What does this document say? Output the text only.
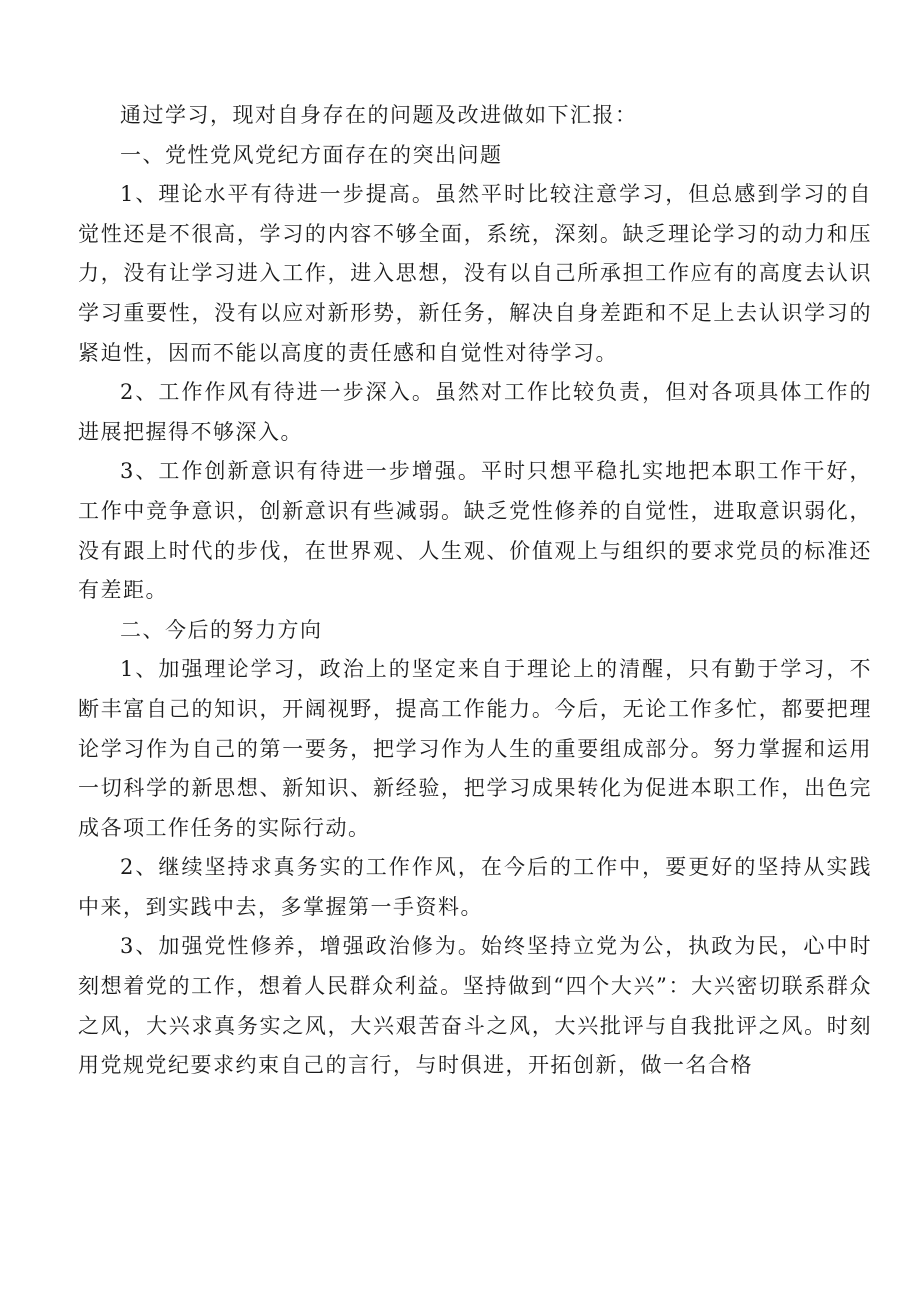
通过学习，现对自身存在的问题及改进做如下汇报：

一、党性党风党纪方面存在的突出问题

1、理论水平有待进一步提高。虽然平时比较注意学习，但总感到学习的自觉性还是不很高，学习的内容不够全面，系统，深刻。缺乏理论学习的动力和压力，没有让学习进入工作，进入思想，没有以自己所承担工作应有的高度去认识学习重要性，没有以应对新形势，新任务，解决自身差距和不足上去认识学习的紧迫性，因而不能以高度的责任感和自觉性对待学习。

2、工作作风有待进一步深入。虽然对工作比较负责，但对各项具体工作的进展把握得不够深入。

3、工作创新意识有待进一步增强。平时只想平稳扎实地把本职工作干好，工作中竞争意识，创新意识有些减弱。缺乏党性修养的自觉性，进取意识弱化，没有跟上时代的步伐，在世界观、人生观、价值观上与组织的要求党员的标准还有差距。

二、今后的努力方向

1、加强理论学习，政治上的坚定来自于理论上的清醒，只有勤于学习，不断丰富自己的知识，开阔视野，提高工作能力。今后，无论工作多忙，都要把理论学习作为自己的第一要务，把学习作为人生的重要组成部分。努力掌握和运用一切科学的新思想、新知识、新经验，把学习成果转化为促进本职工作，出色完成各项工作任务的实际行动。

2、继续坚持求真务实的工作作风，在今后的工作中，要更好的坚持从实践中来，到实践中去，多掌握第一手资料。

3、加强党性修养，增强政治修为。始终坚持立党为公，执政为民，心中时刻想着党的工作，想着人民群众利益。坚持做到“四个大兴”：大兴密切联系群众之风，大兴求真务实之风，大兴艰苦奋斗之风，大兴批评与自我批评之风。时刻用党规党纪要求约束自己的言行，与时俱进，开拓创新，做一名合格
